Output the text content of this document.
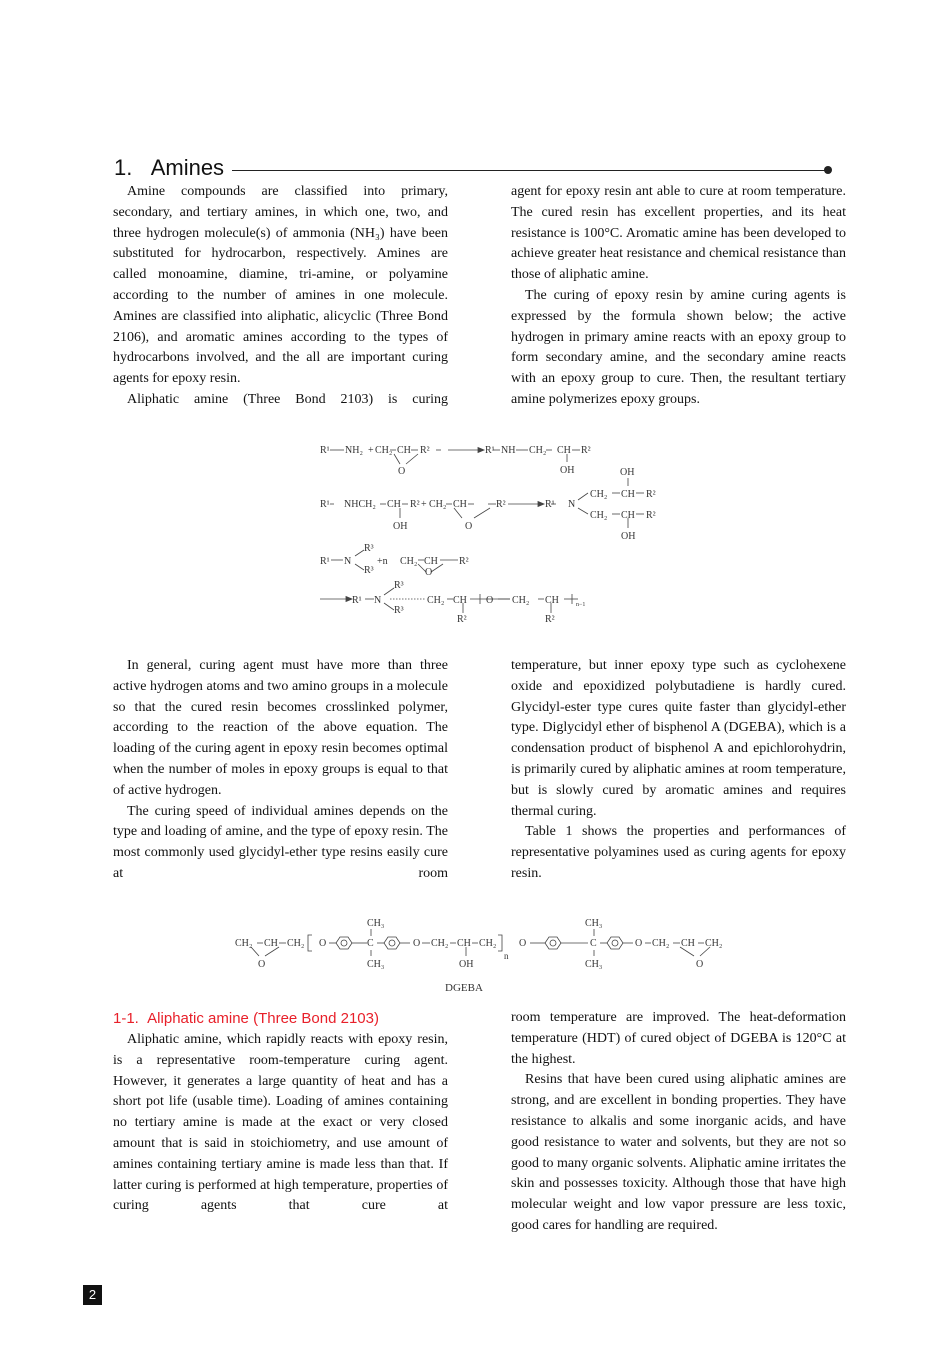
1. Amines

Amine compounds are classified into primary, secondary, and tertiary amines, in which one, two, and three hydrogen molecule(s) of ammonia (NH₃) have been substituted for hydrocarbon, respectively. Amines are called monoamine, diamine, tri-amine, or polyamine according to the number of amines in one molecule. Amines are classified into aliphatic, alicyclic (Three Bond 2106), and aromatic amines according to the types of hydrocarbons involved, and the all are important curing agents for epoxy resin.

Aliphatic amine (Three Bond 2103) is curing

agent for epoxy resin ant able to cure at room temperature. The cured resin has excellent properties, and its heat resistance is 100°C. Aromatic amine has been developed to achieve greater heat resistance and chemical resistance than those of aliphatic amine.

The curing of epoxy resin by amine curing agents is expressed by the formula shown below; the active hydrogen in primary amine reacts with an epoxy group to form secondary amine, and the secondary amine reacts with an epoxy group to cure. Then, the resultant tertiary amine polymerizes epoxy groups.

R¹ NH₂ + CH₂ CH R²
O
R¹ NH CH₂ CH R²
OH	OH
R¹ NHCH₂ CH R² + CH₂ CH	R²
OH	O
R¹ N
CH₂ CH R²
CH₂ CH R²
OH
R¹ N
R³
R³
+n CH₂ CH R²
O
R¹ N
R³
R³
CH₂ CH
R²
O CH₂ CH
R²
n−1

In general, curing agent must have more than three active hydrogen atoms and two amino groups in a molecule so that the cured resin becomes crosslinked polymer, according to the reaction of the above equation. The loading of the curing agent in epoxy resin becomes optimal when the number of moles in epoxy groups is equal to that of active hydrogen.

The curing speed of individual amines depends on the type and loading of amine, and the type of epoxy resin. The most commonly used glycidyl-ether type resins easily cure at room

temperature, but inner epoxy type such as cyclohexene oxide and epoxidized polybutadiene is hardly cured. Glycidyl-ester type cures quite faster than glycidyl-ether type. Diglycidyl ether of bisphenol A (DGEBA), which is a condensation product of bisphenol A and epichlorohydrin, is primarily cured by aliphatic amines at room temperature, but is slowly cured by aromatic amines and requires thermal curing.

Table 1 shows the properties and performances of representative polyamines used as curing agents for epoxy resin.

CH₂ CH CH₂
O
O
CH₃
C
CH₃
O CH₂ CH CH₂
OH
n
O
CH₃
C
CH₃
O CH₂ CH CH₂
O
DGEBA
1-1.  Aliphatic amine (Three Bond 2103)

Aliphatic amine, which rapidly reacts with epoxy resin, is a representative room-temperature curing agent. However, it generates a large quantity of heat and has a short pot life (usable time). Loading of amines containing no tertiary amine is made at the exact or very closed amount that is said in stoichiometry, and use amount of amines containing tertiary amine is made less than that. If latter curing is performed at high temperature, properties of curing agents that cure at

room temperature are improved. The heat-deformation temperature (HDT) of cured object of DGEBA is 120°C at the highest.

Resins that have been cured using aliphatic amines are strong, and are excellent in bonding properties. They have resistance to alkalis and some inorganic acids, and have good resistance to water and solvents, but they are not so good to many organic solvents. Aliphatic amine irritates the skin and possesses toxicity. Although those that have high molecular weight and low vapor pressure are less toxic, good cares for handling are required.

2
